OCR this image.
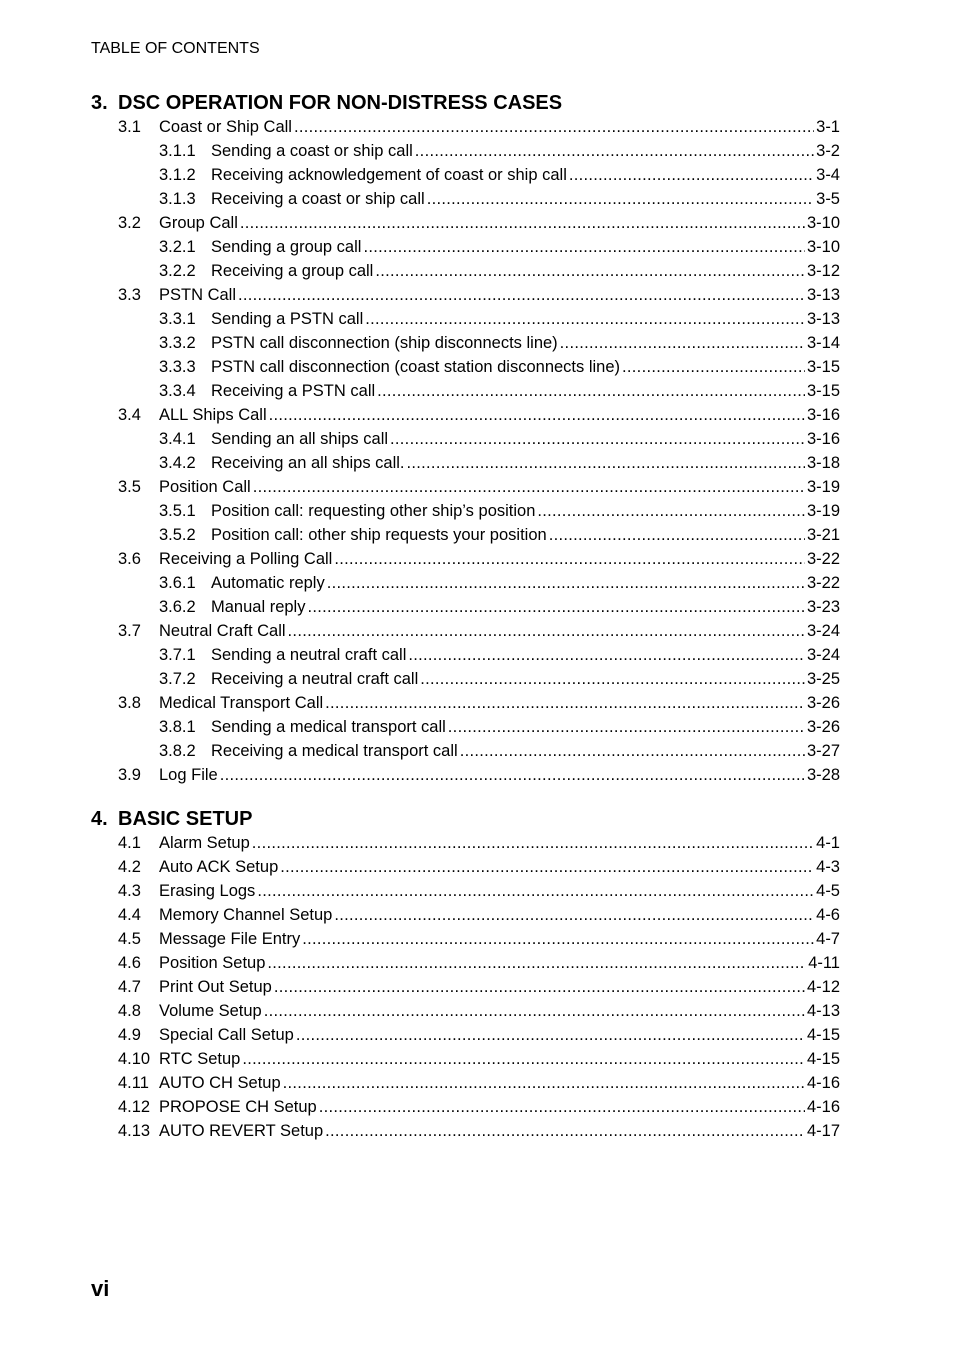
TABLE OF CONTENTS
3. DSC OPERATION FOR NON-DISTRESS CASES
3.1	Coast or Ship Call .....	3-1
3.1.1 Sending a coast or ship call .....	3-2
3.1.2 Receiving acknowledgement of coast or ship call .....	3-4
3.1.3 Receiving a coast or ship call .....	3-5
3.2	Group Call .....	3-10
3.2.1 Sending a group call .....	3-10
3.2.2 Receiving a group call .....	3-12
3.3	PSTN Call .....	3-13
3.3.1 Sending a PSTN call .....	3-13
3.3.2 PSTN call disconnection (ship disconnects line) .....	3-14
3.3.3 PSTN call disconnection (coast station disconnects line) .....	3-15
3.3.4 Receiving a PSTN call .....	3-15
3.4	ALL Ships Call .....	3-16
3.4.1 Sending an all ships call .....	3-16
3.4.2 Receiving an all ships call. .....	3-18
3.5	Position Call .....	3-19
3.5.1 Position call: requesting other ship’s position .....	3-19
3.5.2 Position call: other ship requests your position .....	3-21
3.6	Receiving a Polling Call .....	3-22
3.6.1 Automatic reply .....	3-22
3.6.2 Manual reply .....	3-23
3.7	Neutral Craft Call .....	3-24
3.7.1 Sending a neutral craft call .....	3-24
3.7.2 Receiving a neutral craft call .....	3-25
3.8	Medical Transport Call .....	3-26
3.8.1 Sending a medical transport call .....	3-26
3.8.2 Receiving a medical transport call .....	3-27
3.9	Log File .....	3-28
4. BASIC SETUP
4.1	Alarm Setup .....	4-1
4.2	Auto ACK Setup .....	4-3
4.3	Erasing Logs .....	4-5
4.4	Memory Channel Setup .....	4-6
4.5	Message File Entry .....	4-7
4.6	Position Setup .....	4-11
4.7	Print Out Setup .....	4-12
4.8	Volume Setup .....	4-13
4.9	Special Call Setup .....	4-15
4.10 RTC Setup .....	4-15
4.11 AUTO CH Setup .....	4-16
4.12 PROPOSE CH Setup .....	4-16
4.13 AUTO REVERT Setup .....	4-17
vi
